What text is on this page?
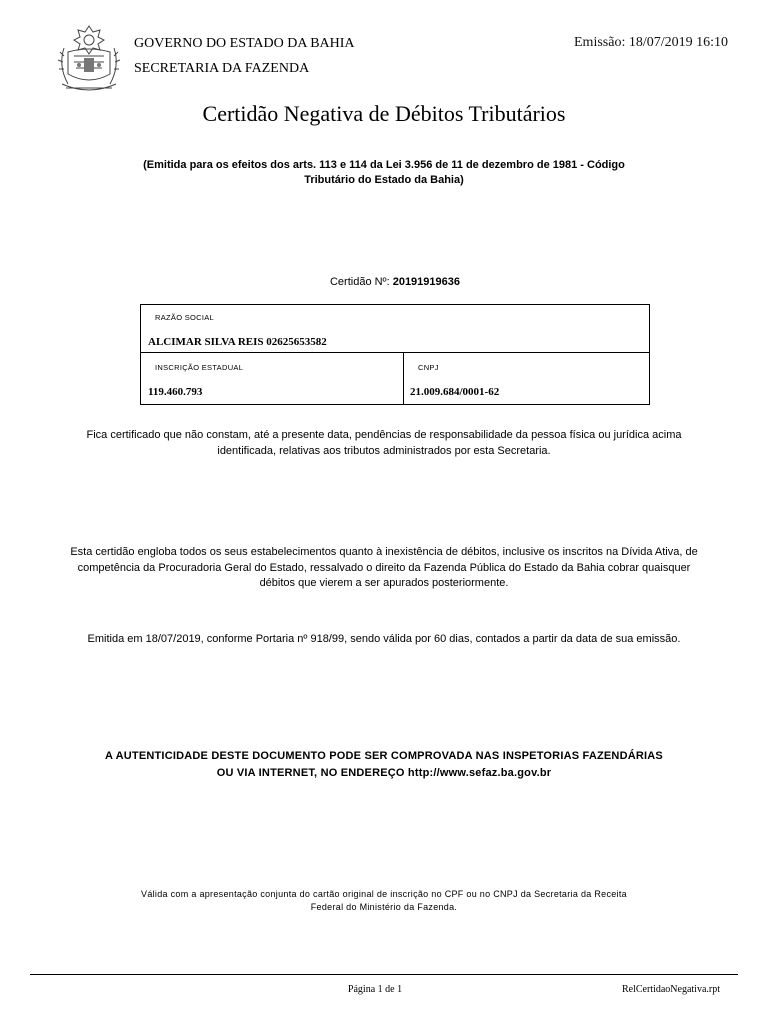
GOVERNO DO ESTADO DA BAHIA
SECRETARIA DA FAZENDA
Emissão: 18/07/2019 16:10
Certidão Negativa de Débitos Tributários
(Emitida para os efeitos dos arts. 113 e 114 da Lei 3.956 de 11 de dezembro de 1981 - Código Tributário do Estado da Bahia)
Certidão Nº: 20191919636
RAZÃO SOCIAL
ALCIMAR SILVA REIS 02625653582
INSCRIÇÃO ESTADUAL
119.460.793
CNPJ
21.009.684/0001-62
Fica certificado que não constam, até a presente data, pendências de responsabilidade da pessoa física ou jurídica acima identificada, relativas aos tributos administrados por esta Secretaria.
Esta certidão engloba todos os seus estabelecimentos quanto à inexistência de débitos, inclusive os inscritos na Dívida Ativa, de competência da Procuradoria Geral do Estado, ressalvado o direito da Fazenda Pública do Estado da Bahia cobrar quaisquer débitos que vierem a ser apurados posteriormente.
Emitida em 18/07/2019, conforme Portaria nº 918/99, sendo válida por 60 dias, contados a partir da data de sua emissão.
A AUTENTICIDADE DESTE DOCUMENTO PODE SER COMPROVADA NAS INSPETORIAS FAZENDÁRIAS OU VIA INTERNET, NO ENDEREÇO http://www.sefaz.ba.gov.br
Válida com a apresentação conjunta do cartão original de inscrição no CPF ou no CNPJ da Secretaria da Receita Federal do Ministério da Fazenda.
Página 1 de 1	RelCertidaoNegativa.rpt
